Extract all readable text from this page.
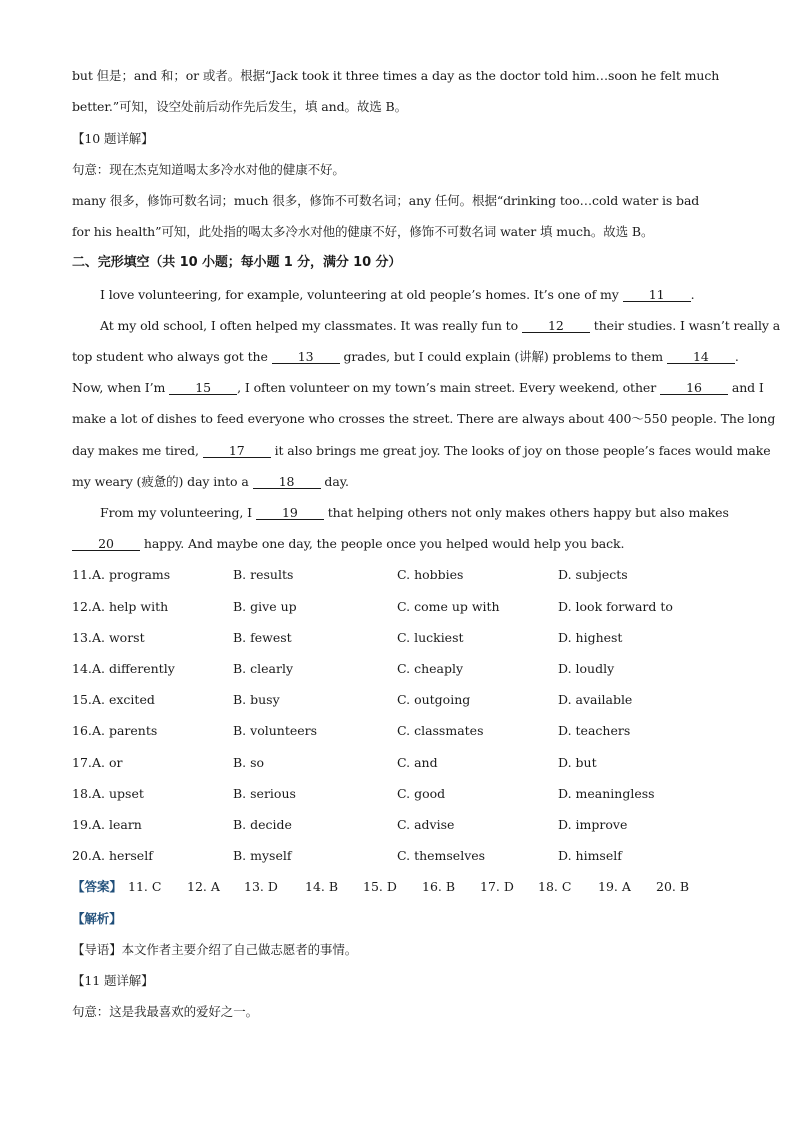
but 但是；and 和；or 或者。根据“Jack took it three times a day as the doctor told him…soon he felt much
better.”可知，设空处前后动作先后发生，填 and。故选 B。
【10 题详解】
句意：现在杰克知道喝太多冷水对他的健康不好。
many 很多，修饰可数名词；much 很多，修饰不可数名词；any 任何。根据“drinking too…cold water is bad
for his health”可知，此处指的喝太多冷水对他的健康不好，修饰不可数名词 water 填 much。故选 B。
二、完形填空（共 10 小题；每小题 1 分，满分 10 分）
I love volunteering, for example, volunteering at old people’s homes. It’s one of my 11 .
At my old school, I often helped my classmates. It was really fun to 12 their studies. I wasn’t really a
top student who always got the 13 grades, but I could explain (讲解) problems to them 14 .
Now, when I’m 15 , I often volunteer on my town’s main street. Every weekend, other 16 and I
make a lot of dishes to feed everyone who crosses the street. There are always about 400～550 people. The long
day makes me tired, 17 it also brings me great joy. The looks of joy on those people’s faces would make
my weary (疲惫的) day into a 18 day.
From my volunteering, I 19 that helping others not only makes others happy but also makes
20 happy. And maybe one day, the people once you helped would help you back.
11. A. programs	B. results	C. hobbies	D. subjects
12. A. help with	B. give up	C. come up with	D. look forward to
13. A. worst	B. fewest	C. luckiest	D. highest
14. A. differently	B. clearly	C. cheaply	D. loudly
15. A. excited	B. busy	C. outgoing	D. available
16. A. parents	B. volunteers	C. classmates	D. teachers
17. A. or	B. so	C. and	D. but
18. A. upset	B. serious	C. good	D. meaningless
19. A. learn	B. decide	C. advise	D. improve
20. A. herself	B. myself	C. themselves	D. himself
【答案】 11. C 12. A 13. D 14. B 15. D 16. B 17. D 18. C 19. A 20. B
【解析】
【导语】本文作者主要介绍了自己做志愿者的事情。
【11 题详解】
句意：这是我最喜欢的爱好之一。
